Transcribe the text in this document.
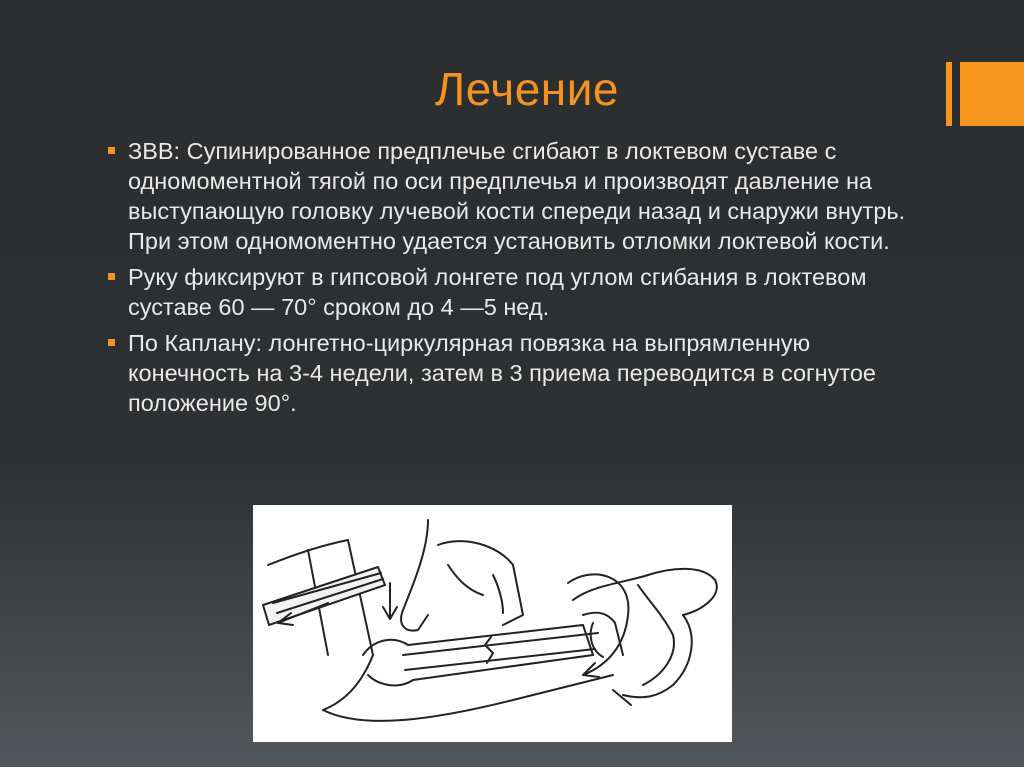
Лечение
ЗВВ: Супинированное предплечье сгибают в локтевом суставе с одномоментной тягой по оси предплечья и производят давление на выступающую головку лучевой кости спереди назад и снаружи внутрь. При этом одномоментно удается установить отломки локтевой кости.
Руку фиксируют в гипсовой лонгете под углом сгибания в локтевом суставе 60 — 70° сроком до 4 —5 нед.
По Каплану: лонгетно-циркулярная повязка на выпрямленную конечность на 3-4 недели, затем в 3 приема переводится в согнутое положение 90°.
